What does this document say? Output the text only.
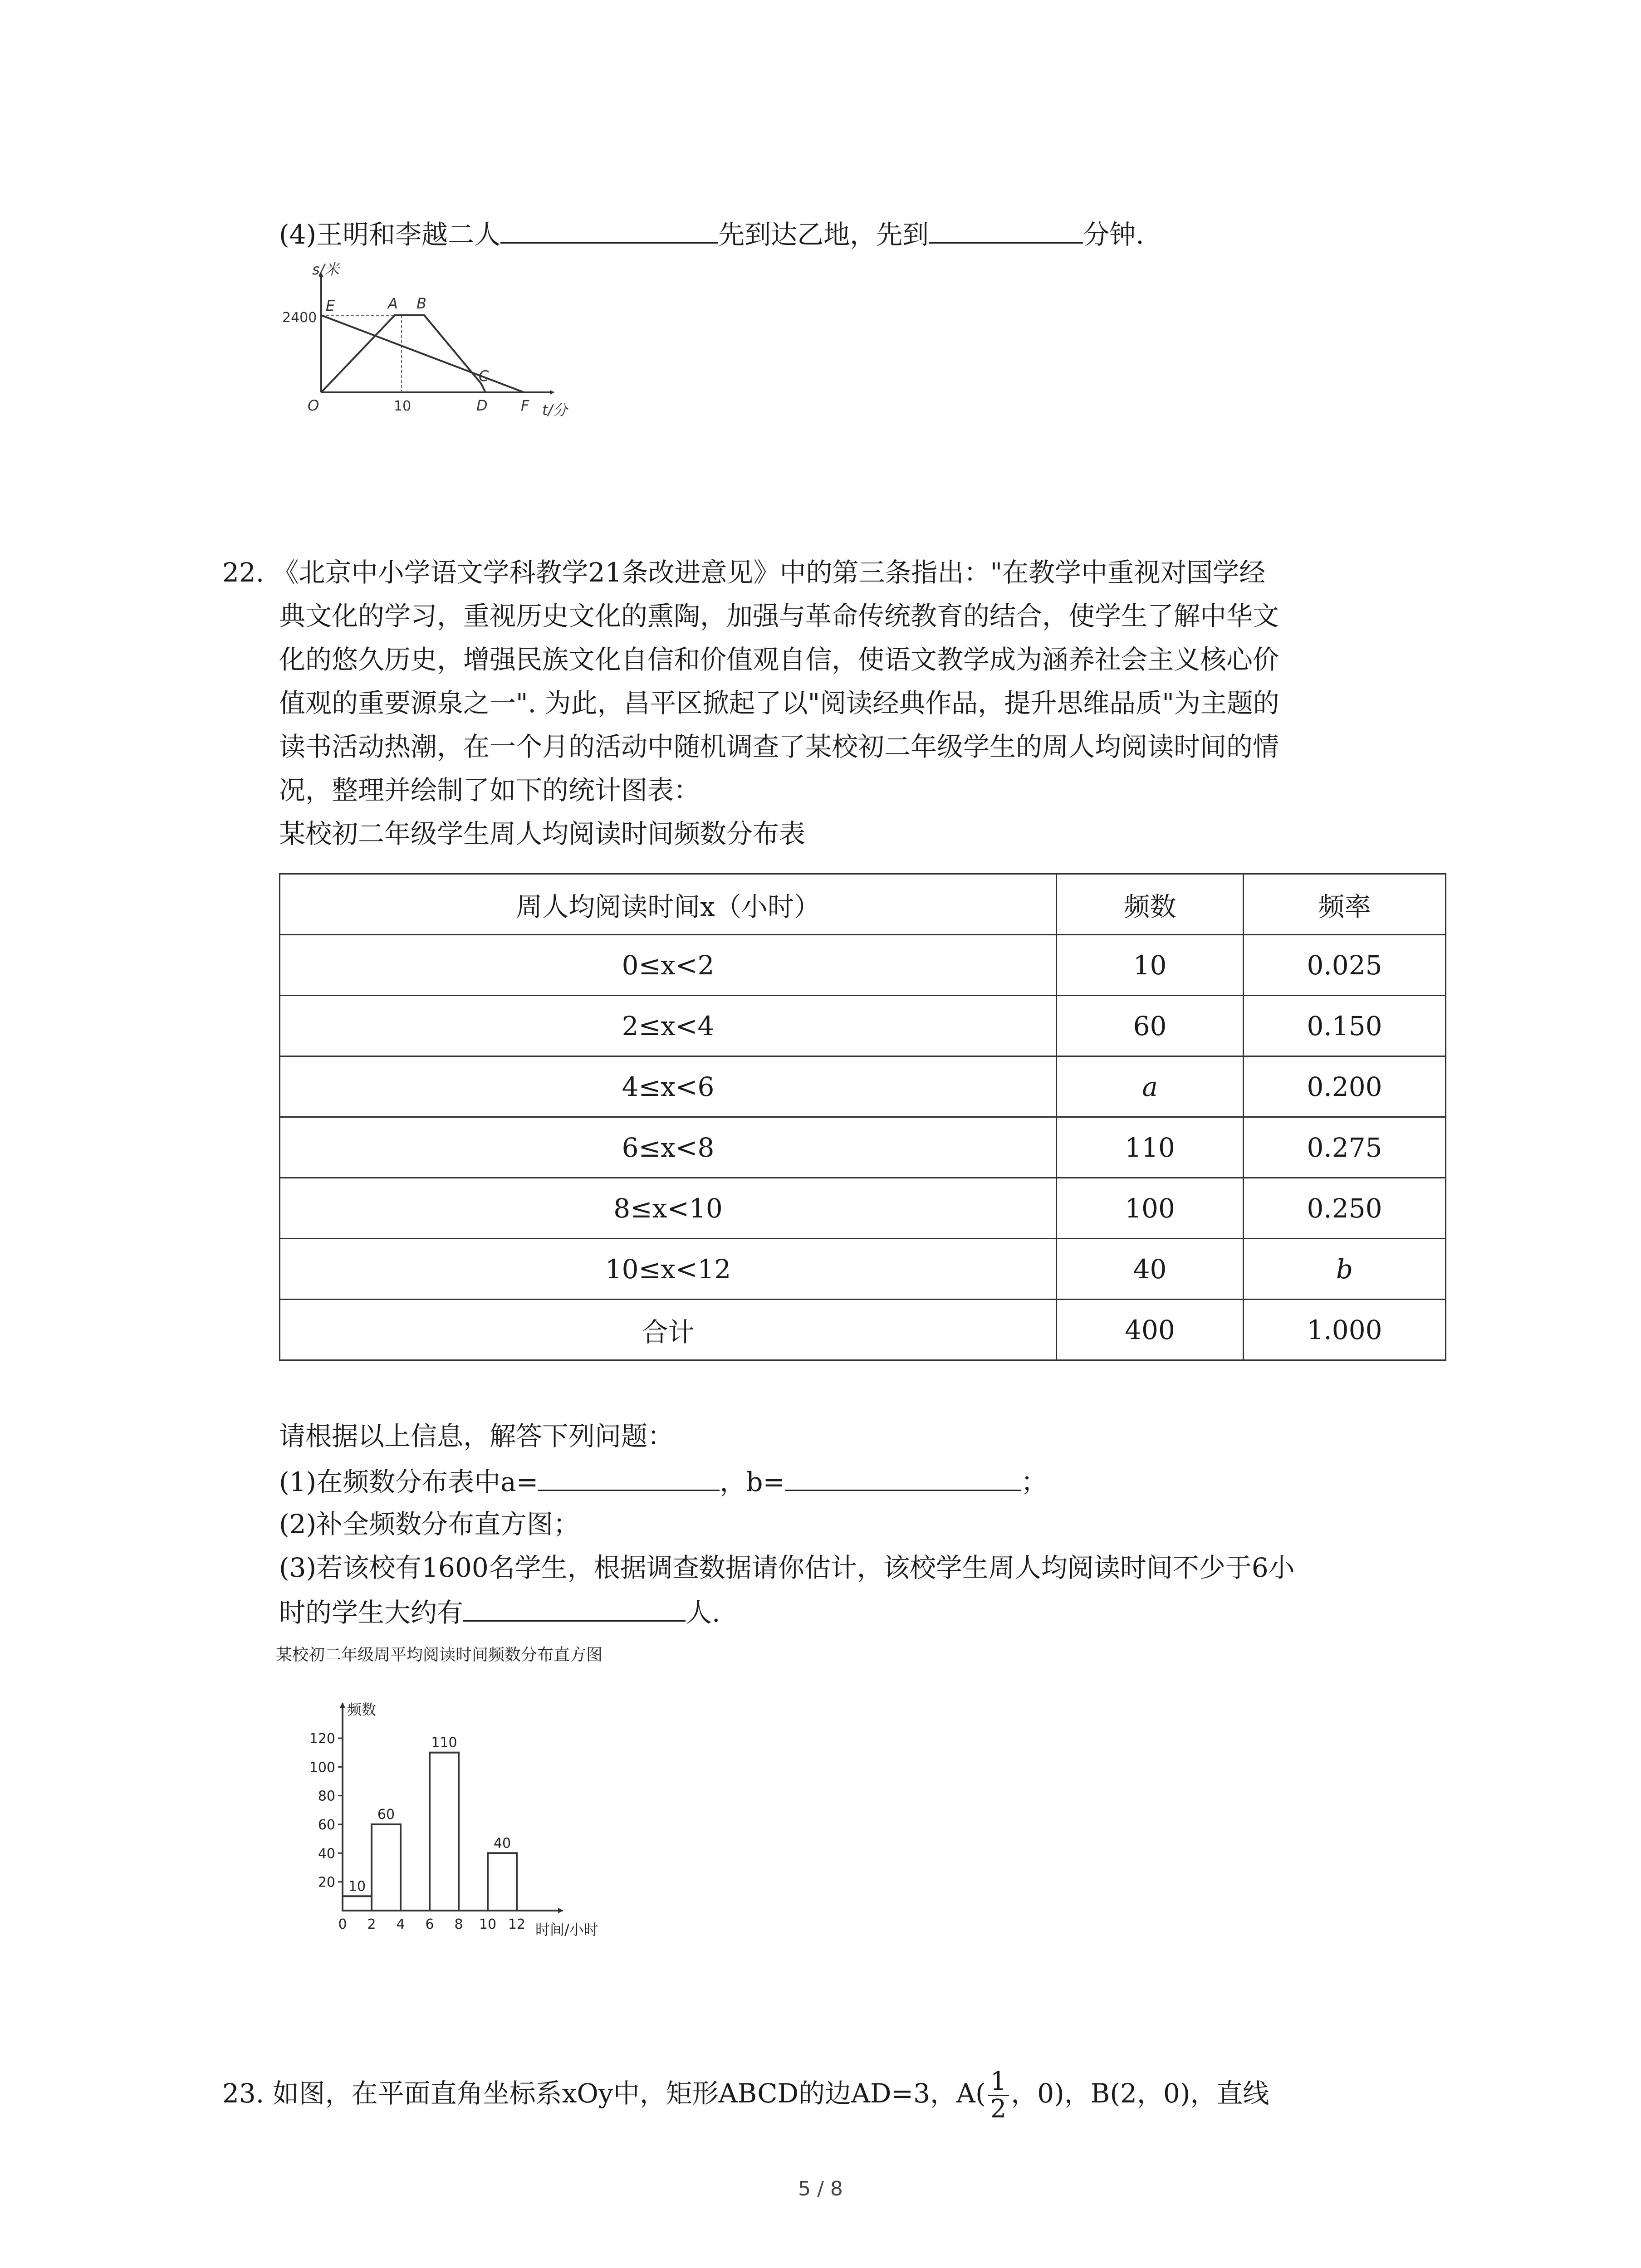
(4)王明和李越二人	先到达乙地，先到	分钟.
s/米
t/分
2400
10
O
E	A B
C
D F
22. 《北京中小学语文学科教学21条改进意见》中的第三条指出："在教学中重视对国学经
典文化的学习，重视历史文化的熏陶，加强与革命传统教育的结合，使学生了解中华文
化的悠久历史，增强民族文化自信和价值观自信，使语文教学成为涵养社会主义核心价
值观的重要源泉之一". 为此，昌平区掀起了以"阅读经典作品，提升思维品质"为主题的
读书活动热潮，在一个月的活动中随机调查了某校初二年级学生的周人均阅读时间的情
况，整理并绘制了如下的统计图表：
某校初二年级学生周人均阅读时间频数分布表
周人均阅读时间x（小时）	频数	频率
0≤x<2	10	0.025
2≤x<4	60	0.150
4≤x<6	a	0.200
6≤x<8	110	0.275
8≤x<10	100	0.250
10≤x<12	40	b
合计	400	1.000
请根据以上信息，解答下列问题：
(1)在频数分布表中a=	，b=	；
(2)补全频数分布直方图；
(3)若该校有1600名学生，根据调查数据请你估计，该校学生周人均阅读时间不少于6小
时的学生大约有	人.
某校初二年级周平均阅读时间频数分布直方图
频数
时间/小时
20
40
60
80
100
120
0 2 4 6 8 10 12
10
60
110
40
23. 如图，在平面直角坐标系xOy中，矩形ABCD的边AD=3，$A( \frac{1}{2}$ ，0)，B(2，0)，直线
5 / 8
